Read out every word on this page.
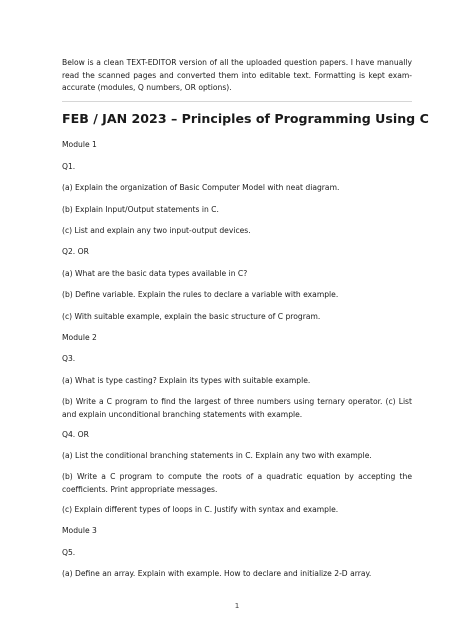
Below is a clean TEXT-EDITOR version of all the uploaded question papers. I have manually read the scanned pages and converted them into editable text. Formatting is kept exam-accurate (modules, Q numbers, OR options).

FEB / JAN 2023 – Principles of Programming Using C
Module 1
Q1.
(a) Explain the organization of Basic Computer Model with neat diagram.
(b) Explain Input/Output statements in C.
(c) List and explain any two input-output devices.
Q2. OR
(a) What are the basic data types available in C?
(b) Define variable. Explain the rules to declare a variable with example.
(c) With suitable example, explain the basic structure of C program.
Module 2
Q3.
(a) What is type casting? Explain its types with suitable example.
(b) Write a C program to find the largest of three numbers using ternary operator. (c) List and explain unconditional branching statements with example.
Q4. OR
(a) List the conditional branching statements in C. Explain any two with example.
(b) Write a C program to compute the roots of a quadratic equation by accepting the coefficients. Print appropriate messages.
(c) Explain different types of loops in C. Justify with syntax and example.
Module 3
Q5.
(a) Define an array. Explain with example. How to declare and initialize 2-D array.
1
